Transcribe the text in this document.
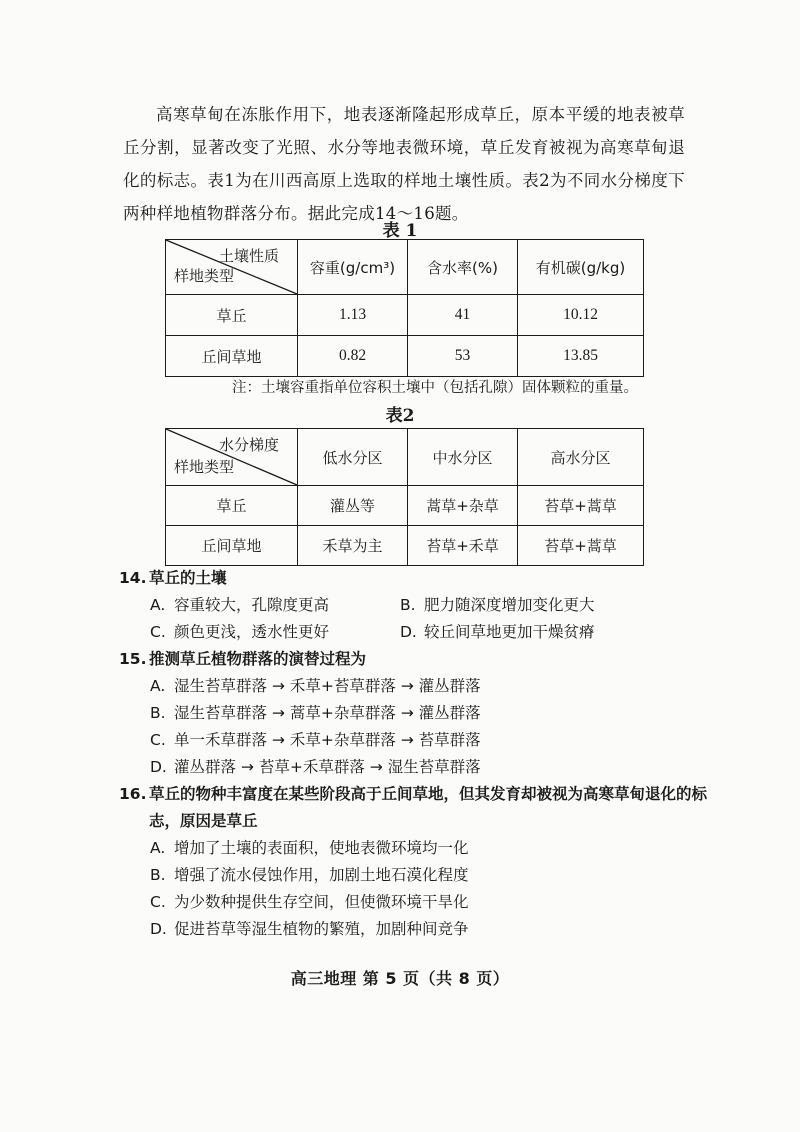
高寒草甸在冻胀作用下，地表逐渐隆起形成草丘，原本平缓的地表被草丘分割，显著改变了光照、水分等地表微环境，草丘发育被视为高寒草甸退化的标志。表1为在川西高原上选取的样地土壤性质。表2为不同水分梯度下两种样地植物群落分布。据此完成14～16题。

表 1
土壤性质
样地类型	容重(g/cm³)	含水率(%)	有机碳(g/kg)
草丘	1.13	41	10.12
丘间草地	0.82	53	13.85
注：土壤容重指单位容积土壤中（包括孔隙）固体颗粒的重量。
表2
水分梯度
样地类型	低水分区	中水分区	高水分区
草丘	灌丛等	蒿草+杂草	苔草+蒿草
丘间草地	禾草为主	苔草+禾草	苔草+蒿草
14. 草丘的土壤
A. 容重较大，孔隙度更高	B. 肥力随深度增加变化更大
C. 颜色更浅，透水性更好	D. 较丘间草地更加干燥贫瘠
15. 推测草丘植物群落的演替过程为
A. 湿生苔草群落 → 禾草+苔草群落 → 灌丛群落
B. 湿生苔草群落 → 蒿草+杂草群落 → 灌丛群落
C. 单一禾草群落 → 禾草+杂草群落 → 苔草群落
D. 灌丛群落 → 苔草+禾草群落 → 湿生苔草群落
16. 草丘的物种丰富度在某些阶段高于丘间草地，但其发育却被视为高寒草甸退化的标
志，原因是草丘
A. 增加了土壤的表面积，使地表微环境均一化
B. 增强了流水侵蚀作用，加剧土地石漠化程度
C. 为少数种提供生存空间，但使微环境干旱化
D. 促进苔草等湿生植物的繁殖，加剧种间竞争
高三地理 第 5 页（共 8 页）
